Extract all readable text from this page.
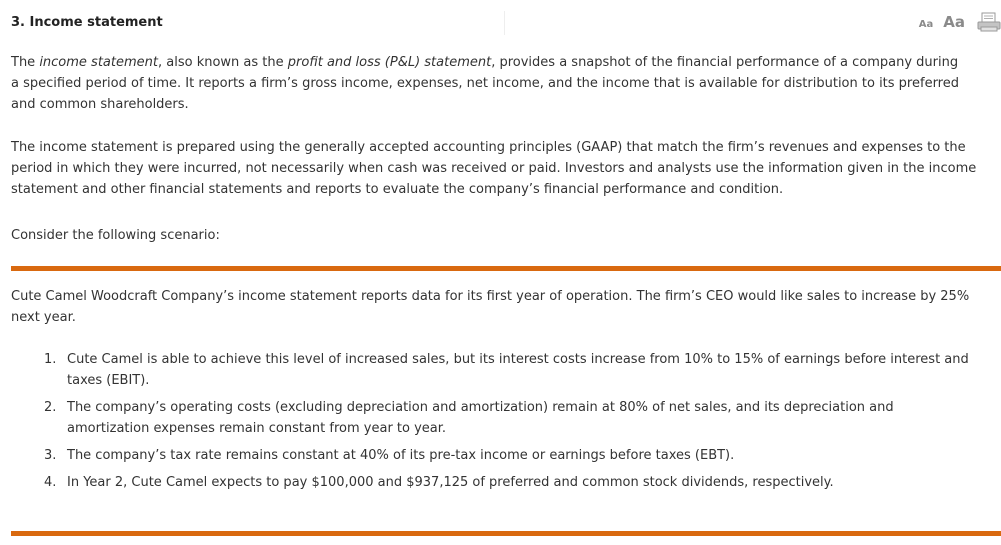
3. Income statement	Aa Aa

The income statement, also known as the profit and loss (P&L) statement, provides a snapshot of the financial performance of a company during a specified period of time. It reports a firm’s gross income, expenses, net income, and the income that is available for distribution to its preferred and common shareholders.

The income statement is prepared using the generally accepted accounting principles (GAAP) that match the firm’s revenues and expenses to the period in which they were incurred, not necessarily when cash was received or paid. Investors and analysts use the information given in the income statement and other financial statements and reports to evaluate the company’s financial performance and condition.

Consider the following scenario:

Cute Camel Woodcraft Company’s income statement reports data for its first year of operation. The firm’s CEO would like sales to increase by 25% next year.

1. Cute Camel is able to achieve this level of increased sales, but its interest costs increase from 10% to 15% of earnings before interest and taxes (EBIT).
2. The company’s operating costs (excluding depreciation and amortization) remain at 80% of net sales, and its depreciation and amortization expenses remain constant from year to year.
3. The company’s tax rate remains constant at 40% of its pre-tax income or earnings before taxes (EBT).
4. In Year 2, Cute Camel expects to pay $100,000 and $937,125 of preferred and common stock dividends, respectively.
